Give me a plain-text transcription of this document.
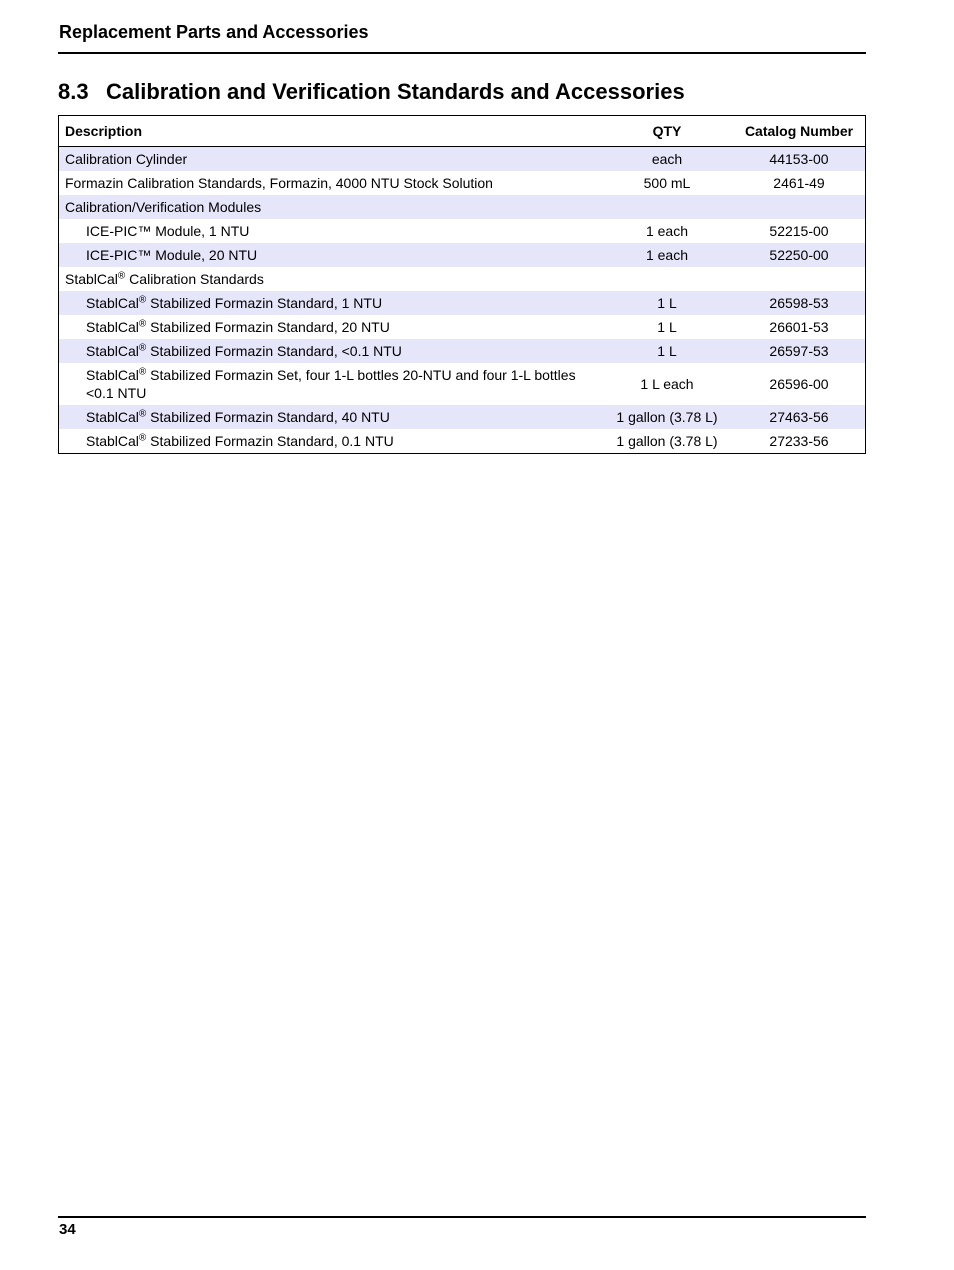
Replacement Parts and Accessories
8.3 Calibration and Verification Standards and Accessories
Description	QTY	Catalog Number
Calibration Cylinder	each	44153-00
Formazin Calibration Standards, Formazin, 4000 NTU Stock Solution	500 mL	2461-49
Calibration/Verification Modules		
ICE-PIC™ Module, 1 NTU	1 each	52215-00
ICE-PIC™ Module, 20 NTU	1 each	52250-00
StablCal® Calibration Standards		
StablCal® Stabilized Formazin Standard, 1 NTU	1 L	26598-53
StablCal® Stabilized Formazin Standard, 20 NTU	1 L	26601-53
StablCal® Stabilized Formazin Standard, <0.1 NTU	1 L	26597-53
StablCal® Stabilized Formazin Set, four 1-L bottles 20-NTU and four 1-L bottles <0.1 NTU	1 L each	26596-00
StablCal® Stabilized Formazin Standard, 40 NTU	1 gallon (3.78 L)	27463-56
StablCal® Stabilized Formazin Standard, 0.1 NTU	1 gallon (3.78 L)	27233-56
34
